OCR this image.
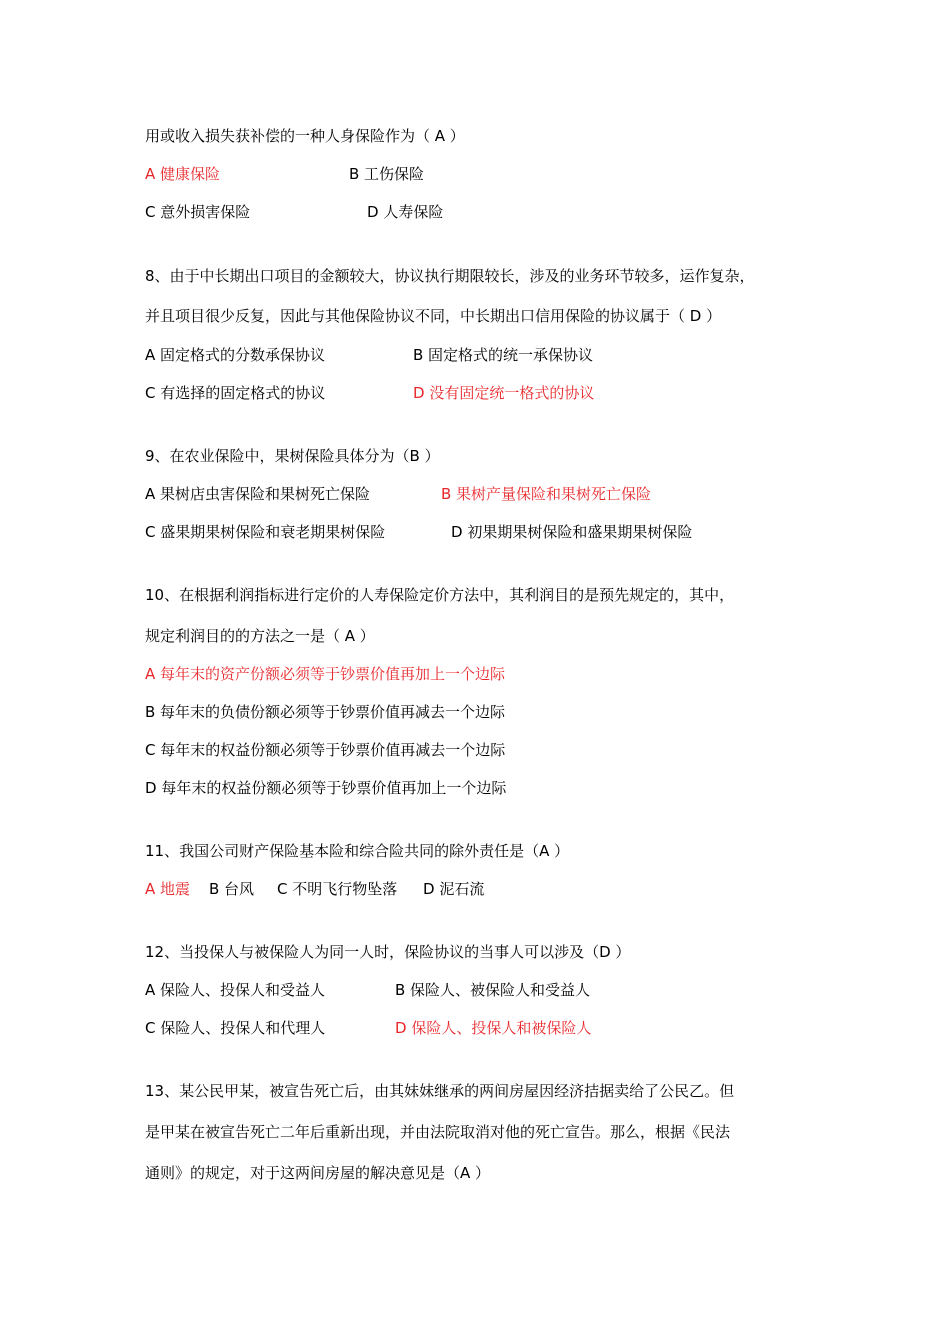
用或收入损失获补偿的一种人身保险作为（ A ）
A 健康保险	B 工伤保险
C 意外损害保险	D 人寿保险
8、由于中长期出口项目的金额较大，协议执行期限较长，涉及的业务环节较多，运作复杂，
并且项目很少反复，因此与其他保险协议不同，中长期出口信用保险的协议属于（ D ）
A 固定格式的分数承保协议	B 固定格式的统一承保协议
C 有选择的固定格式的协议	D 没有固定统一格式的协议
9、在农业保险中，果树保险具体分为（B ）
A 果树店虫害保险和果树死亡保险	B 果树产量保险和果树死亡保险
C 盛果期果树保险和衰老期果树保险	D 初果期果树保险和盛果期果树保险
10、在根据利润指标进行定价的人寿保险定价方法中，其利润目的是预先规定的，其中，
规定利润目的的方法之一是（ A ）
A 每年末的资产份额必须等于钞票价值再加上一个边际
B 每年末的负债份额必须等于钞票价值再减去一个边际
C 每年末的权益份额必须等于钞票价值再减去一个边际
D 每年末的权益份额必须等于钞票价值再加上一个边际
11、我国公司财产保险基本险和综合险共同的除外责任是（A ）
A 地震 B 台风 C 不明飞行物坠落 D 泥石流
12、当投保人与被保险人为同一人时，保险协议的当事人可以涉及（D ）
A 保险人、投保人和受益人	B 保险人、被保险人和受益人
C 保险人、投保人和代理人	D 保险人、投保人和被保险人
13、某公民甲某，被宣告死亡后，由其妹妹继承的两间房屋因经济拮据卖给了公民乙。但
是甲某在被宣告死亡二年后重新出现，并由法院取消对他的死亡宣告。那么，根据《民法
通则》的规定，对于这两间房屋的解决意见是（A ）
